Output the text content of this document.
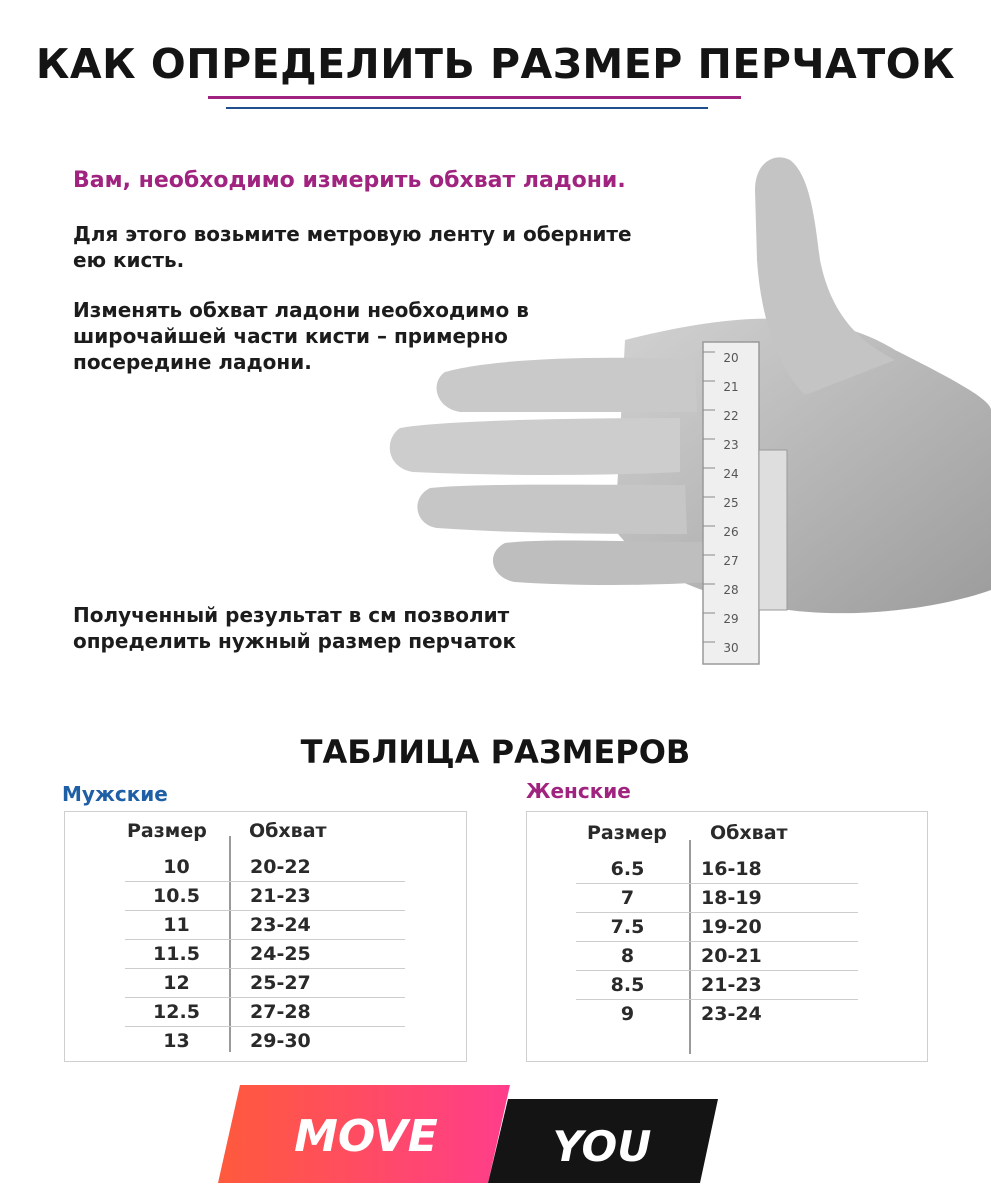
КАК ОПРЕДЕЛИТЬ РАЗМЕР ПЕРЧАТОК
Вам, необходимо измерить обхват ладони.
Для этого возьмите метровую ленту и оберните ею кисть.
Изменять обхват ладони необходимо в широчайшей части кисти – примерно посередине ладони.
Полученный результат в см позволит определить нужный размер перчаток
20
21
22
23
24
25
26
27
28
29
30
ТАБЛИЦА РАЗМЕРОВ
Мужские	Женские
Размер Обхват
10	20-22
10.5	21-23
11	23-24
11.5	24-25
12	25-27
12.5	27-28
13	29-30
Размер Обхват
6.5	16-18
7	18-19
7.5	19-20
8	20-21
8.5	21-23
9	23-24
MOVE	YOU
